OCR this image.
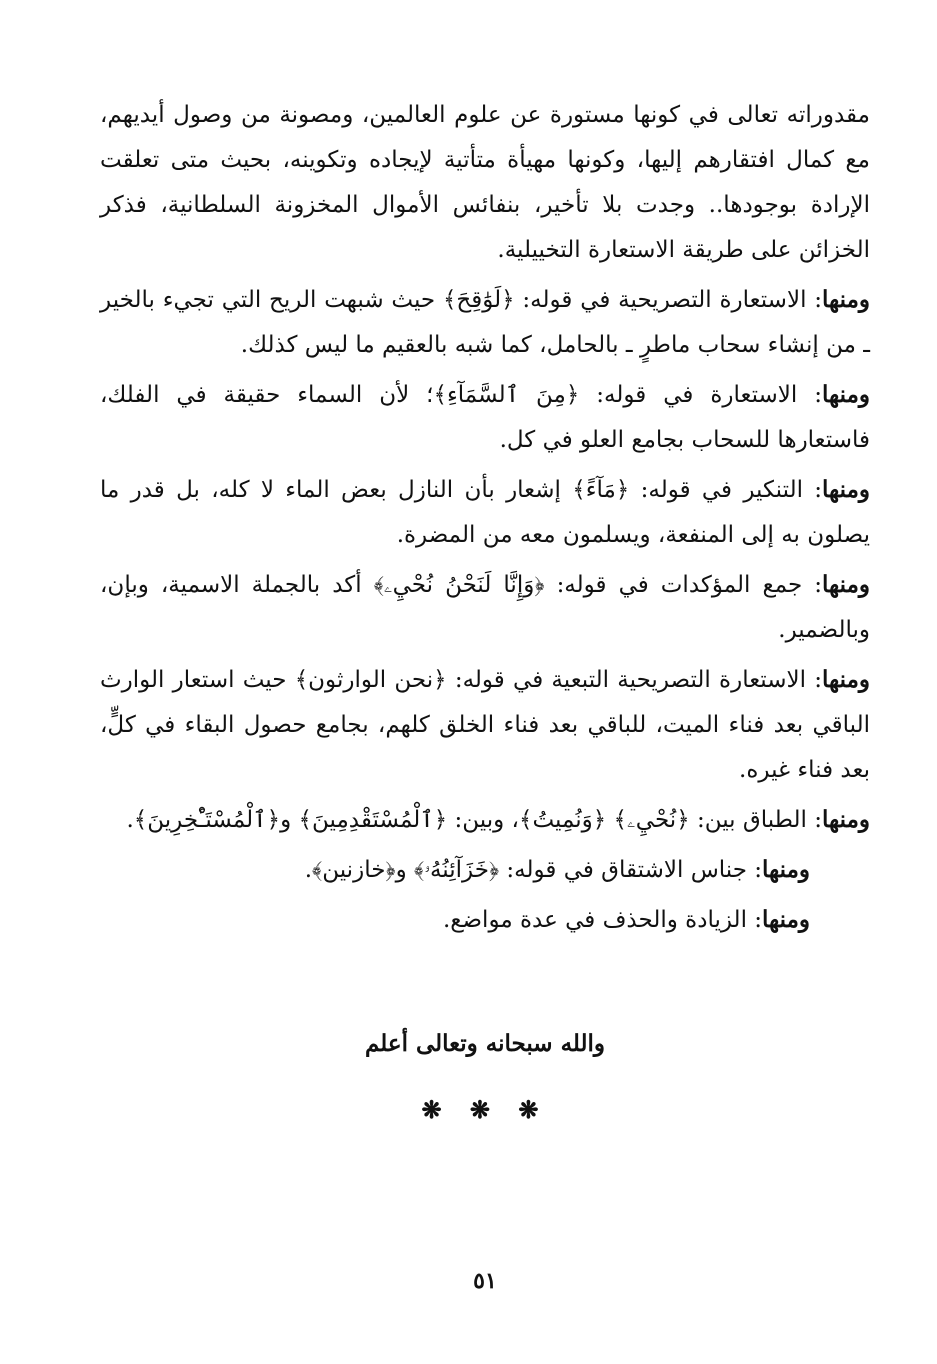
مقدوراته تعالى في كونها مستورة عن علوم العالمين، ومصونة من وصول أيديهم، مع كمال افتقارهم إليها، وكونها مهيأة متأتية لإيجاده وتكوينه، بحيث متى تعلقت الإرادة بوجودها.. وجدت بلا تأخير، بنفائس الأموال المخزونة السلطانية، فذكر الخزائن على طريقة الاستعارة التخييلية.

ومنها: الاستعارة التصريحية في قوله: ﴿لَوَٰقِحَ﴾ حيث شبهت الريح التي تجيء بالخير ـ من إنشاء سحاب ماطرٍ ـ بالحامل، كما شبه بالعقيم ما ليس كذلك.

ومنها: الاستعارة في قوله: ﴿مِنَ ٱلسَّمَآءِ﴾؛ لأن السماء حقيقة في الفلك، فاستعارها للسحاب بجامع العلو في كل.

ومنها: التنكير في قوله: ﴿مَآءً﴾ إشعار بأن النازل بعض الماء لا كله، بل قدر ما يصلون به إلى المنفعة، ويسلمون معه من المضرة.

ومنها: جمع المؤكدات في قوله: ﴿وَإِنَّا لَنَحْنُ نُحْيِۦ﴾ أكد بالجملة الاسمية، وبإن، وبالضمير.

ومنها: الاستعارة التصريحية التبعية في قوله: ﴿نحن الوارثون﴾ حيث استعار الوارث الباقي بعد فناء الميت، للباقي بعد فناء الخلق كلهم، بجامع حصول البقاء في كلٍّ، بعد فناء غيره.

ومنها: الطباق بين: ﴿نُحْيِۦ﴾ ﴿وَنُمِيتُ﴾، وبين: ﴿ٱلْمُسْتَقْدِمِينَ﴾ و﴿ٱلْمُسْتَـْٔخِرِينَ﴾.

ومنها: جناس الاشتقاق في قوله: ﴿خَزَآئِنُهُۥ﴾ و﴿خازنين﴾.

ومنها: الزيادة والحذف في عدة مواضع.

والله سبحانه وتعالى أعلم
❋ ❋ ❋
٥١
